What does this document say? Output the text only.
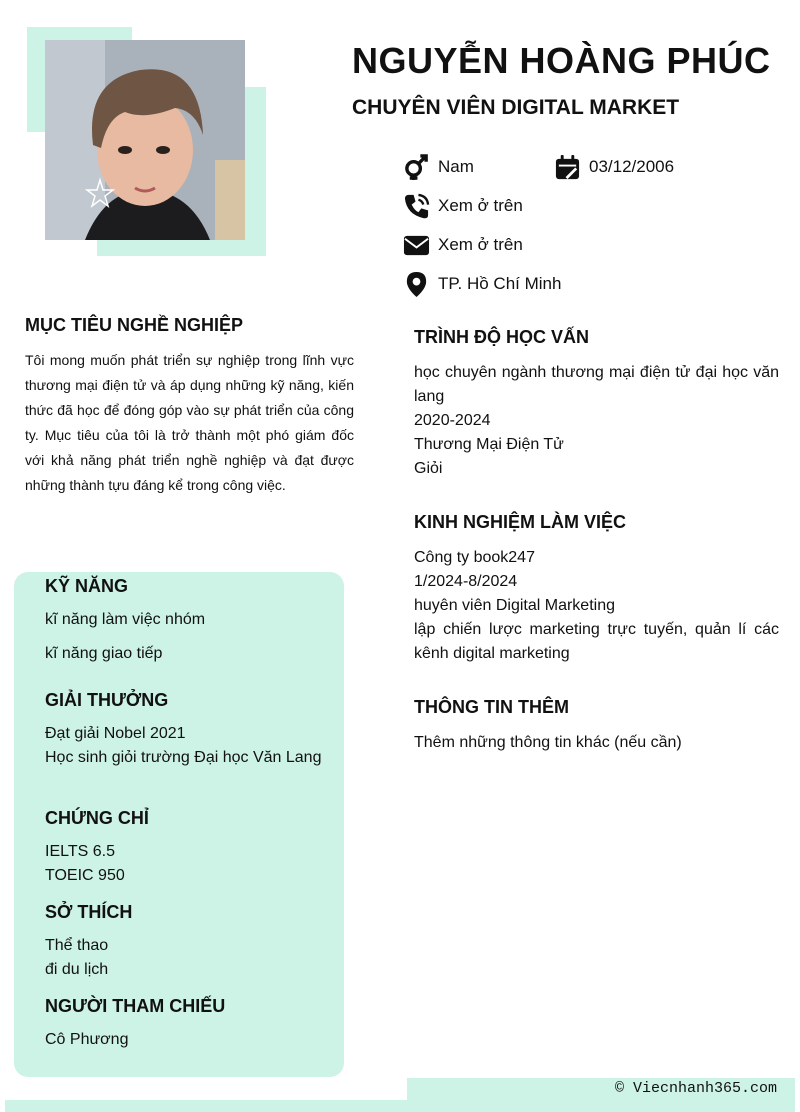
NGUYỄN HOÀNG PHÚC
CHUYÊN VIÊN DIGITAL MARKET
Nam	03/12/2006
Xem ở trên
Xem ở trên
TP. Hồ Chí Minh
MỤC TIÊU NGHỀ NGHIỆP

Tôi mong muốn phát triển sự nghiệp trong lĩnh vực thương mại điện tử và áp dụng những kỹ năng, kiến thức đã học để đóng góp vào sự phát triển của công ty. Mục tiêu của tôi là trở thành một phó giám đốc với khả năng phát triển nghề nghiệp và đạt được những thành tựu đáng kể trong công việc.

TRÌNH ĐỘ HỌC VẤN

học chuyên ngành thương mại điện tử đại học văn lang

2020-2024

Thương Mại Điện Tử

Giỏi

KINH NGHIỆM LÀM VIỆC

Công ty book247

1/2024-8/2024

huyên viên Digital Marketing

lập chiến lược marketing trực tuyến, quản lí các kênh digital marketing

THÔNG TIN THÊM

Thêm những thông tin khác (nếu cần)

KỸ NĂNG
kĩ năng làm việc nhóm
kĩ năng giao tiếp
GIẢI THƯỞNG
Đạt giải Nobel 2021
Học sinh giỏi trường Đại học Văn Lang
CHỨNG CHỈ
IELTS 6.5
TOEIC 950
SỞ THÍCH
Thể thao
đi du lịch
NGƯỜI THAM CHIẾU
Cô Phương
© Viecnhanh365.com
